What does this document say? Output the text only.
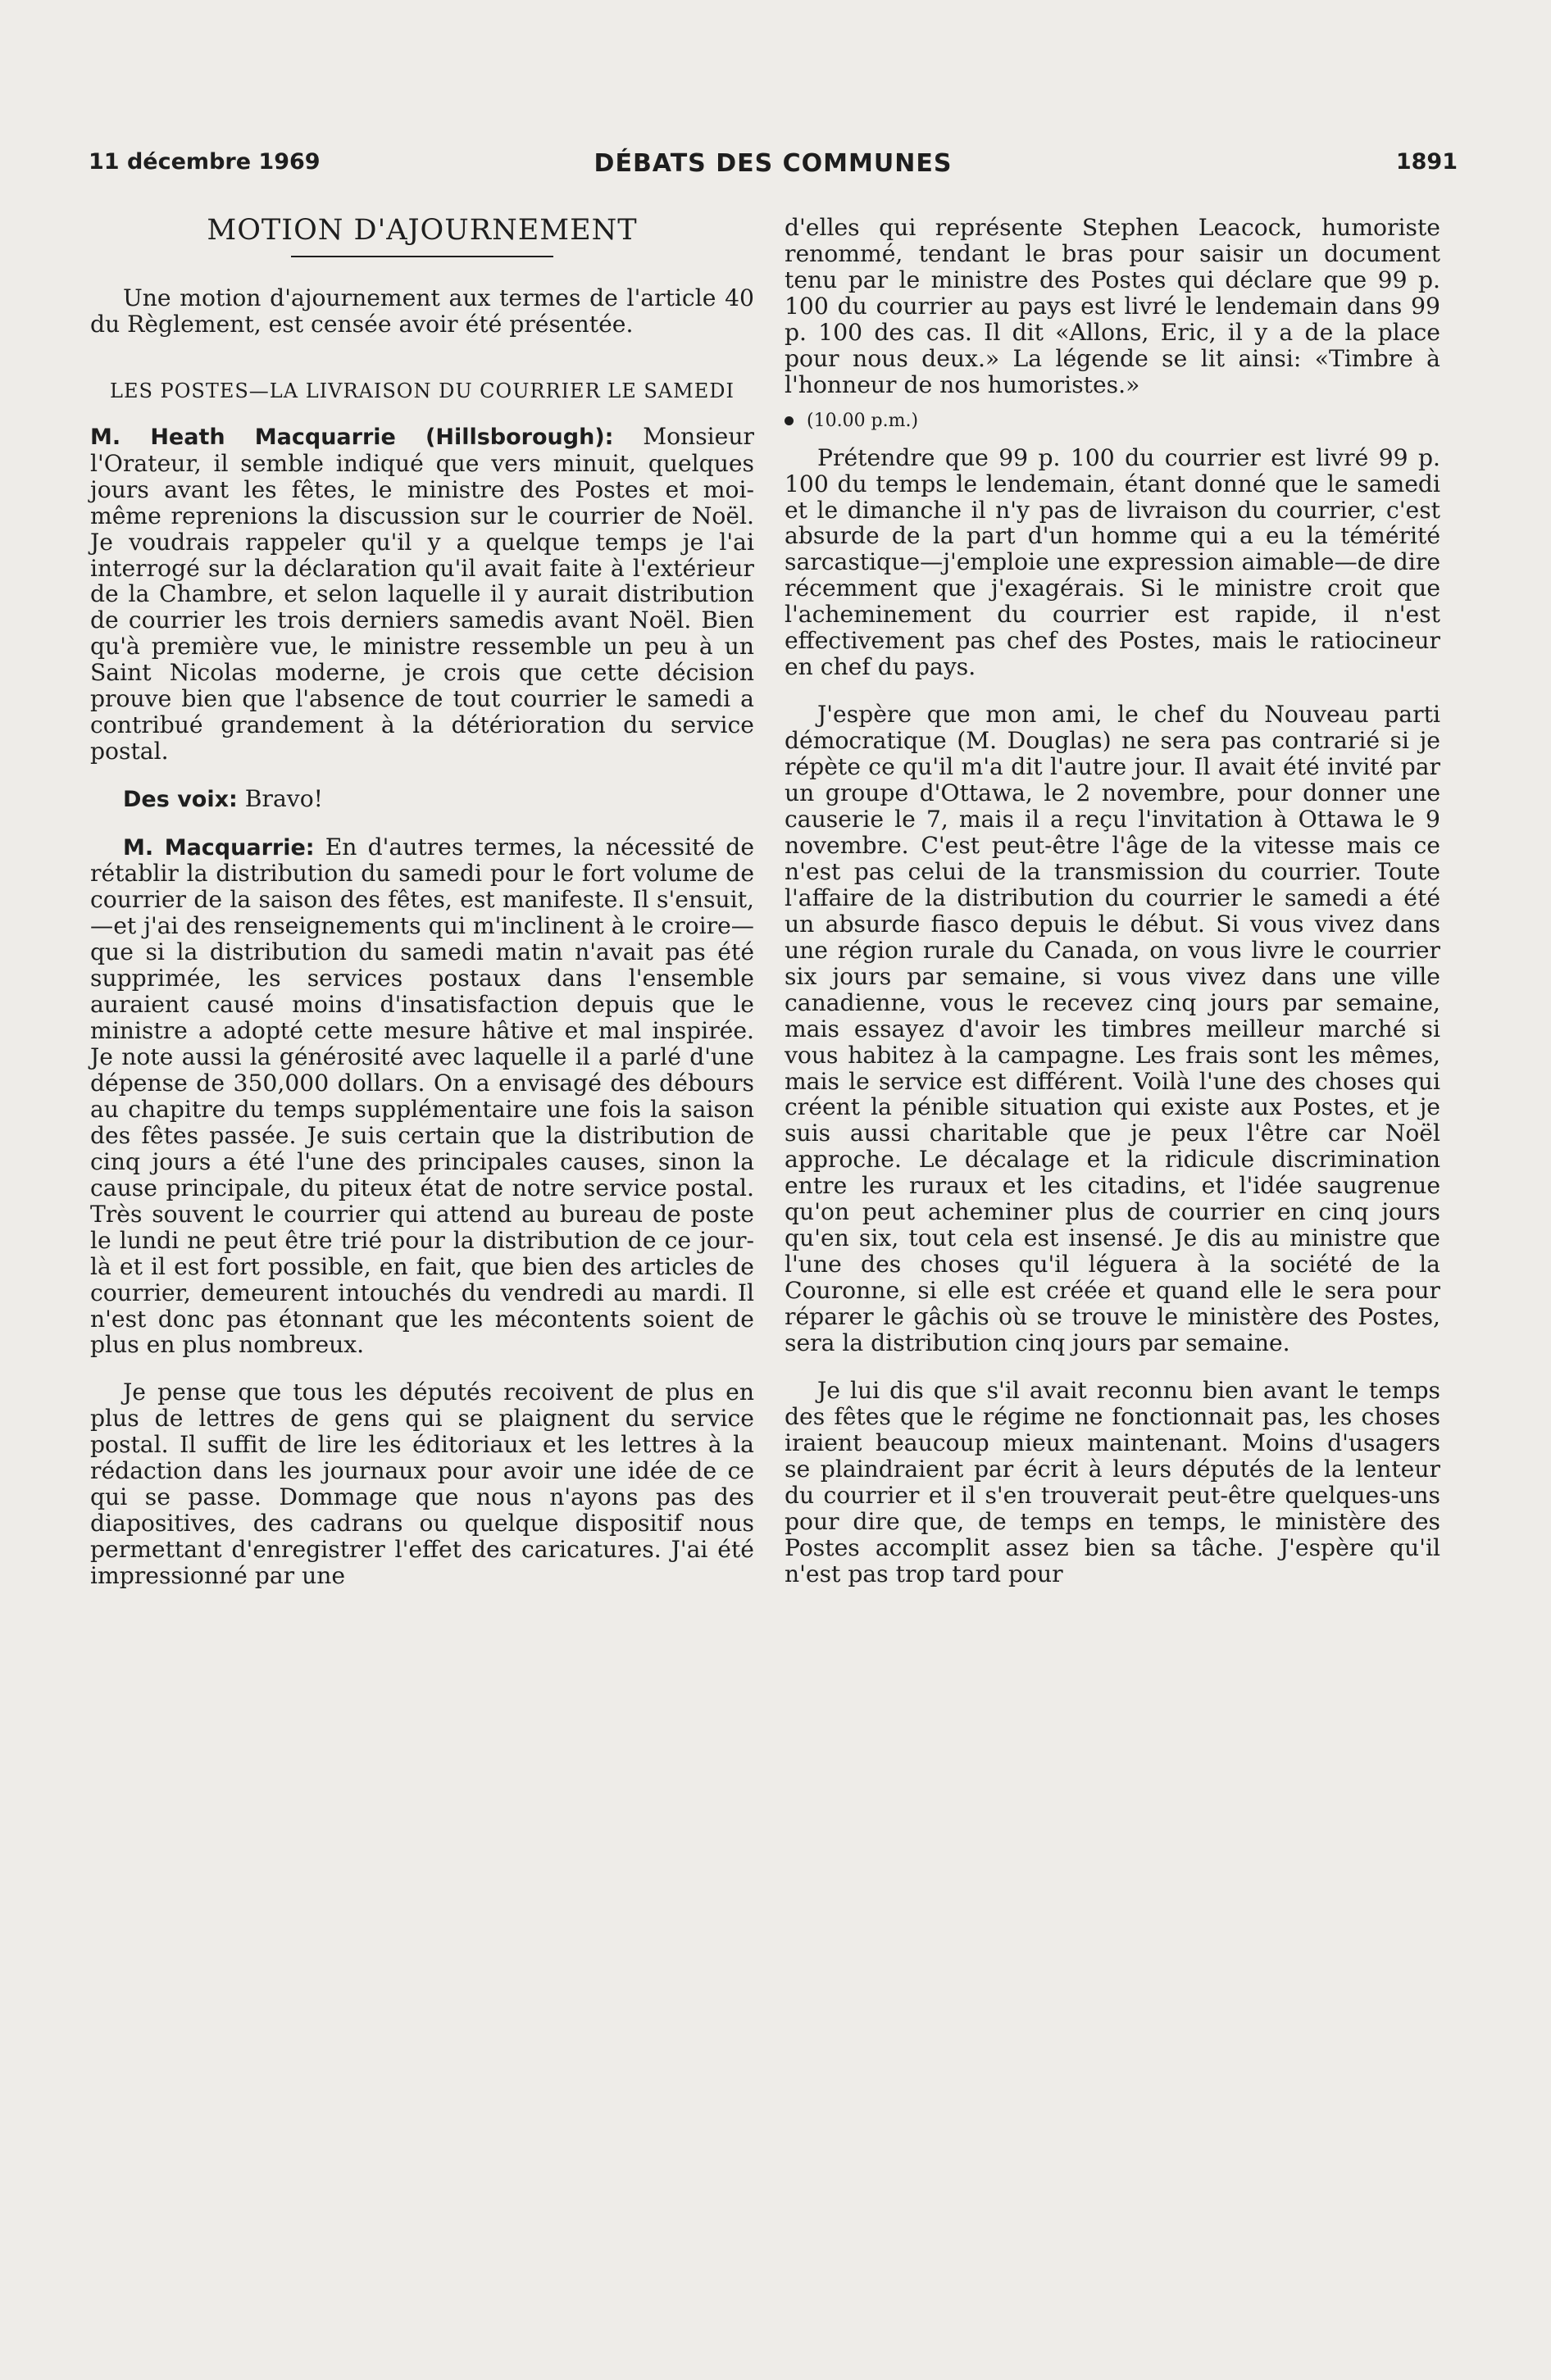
11 décembre 1969	DÉBATS DES COMMUNES	1891

MOTION D'AJOURNEMENT

Une motion d'ajournement aux termes de l'article 40 du Règlement, est censée avoir été présentée.

LES POSTES—LA LIVRAISON DU COURRIER LE SAMEDI

M. Heath Macquarrie (Hillsborough): Monsieur l'Orateur, il semble indiqué que vers minuit, quelques jours avant les fêtes, le ministre des Postes et moi-même reprenions la discussion sur le courrier de Noël. Je voudrais rappeler qu'il y a quelque temps je l'ai interrogé sur la déclaration qu'il avait faite à l'extérieur de la Chambre, et selon laquelle il y aurait distribution de courrier les trois derniers samedis avant Noël. Bien qu'à première vue, le ministre ressemble un peu à un Saint Nicolas moderne, je crois que cette décision prouve bien que l'absence de tout courrier le samedi a contribué grandement à la détérioration du service postal.

Des voix: Bravo!

M. Macquarrie: En d'autres termes, la nécessité de rétablir la distribution du samedi pour le fort volume de courrier de la saison des fêtes, est manifeste. Il s'ensuit,—et j'ai des renseignements qui m'inclinent à le croire—que si la distribution du samedi matin n'avait pas été supprimée, les services postaux dans l'ensemble auraient causé moins d'insatisfaction depuis que le ministre a adopté cette mesure hâtive et mal inspirée. Je note aussi la générosité avec laquelle il a parlé d'une dépense de 350,000 dollars. On a envisagé des débours au chapitre du temps supplémentaire une fois la saison des fêtes passée. Je suis certain que la distribution de cinq jours a été l'une des principales causes, sinon la cause principale, du piteux état de notre service postal. Très souvent le courrier qui attend au bureau de poste le lundi ne peut être trié pour la distribution de ce jour-là et il est fort possible, en fait, que bien des articles de courrier, demeurent intouchés du vendredi au mardi. Il n'est donc pas étonnant que les mécontents soient de plus en plus nombreux.

Je pense que tous les députés recoivent de plus en plus de lettres de gens qui se plaignent du service postal. Il suffit de lire les éditoriaux et les lettres à la rédaction dans les journaux pour avoir une idée de ce qui se passe. Dommage que nous n'ayons pas des diapositives, des cadrans ou quelque dispositif nous permettant d'enregistrer l'effet des caricatures. J'ai été impressionné par une

d'elles qui représente Stephen Leacock, humoriste renommé, tendant le bras pour saisir un document tenu par le ministre des Postes qui déclare que 99 p. 100 du courrier au pays est livré le lendemain dans 99 p. 100 des cas. Il dit «Allons, Eric, il y a de la place pour nous deux.» La légende se lit ainsi: «Timbre à l'honneur de nos humoristes.»

(10.00 p.m.)

Prétendre que 99 p. 100 du courrier est livré 99 p. 100 du temps le lendemain, étant donné que le samedi et le dimanche il n'y pas de livraison du courrier, c'est absurde de la part d'un homme qui a eu la témérité sarcastique—j'emploie une expression aimable—de dire récemment que j'exagérais. Si le ministre croit que l'acheminement du courrier est rapide, il n'est effectivement pas chef des Postes, mais le ratiocineur en chef du pays.

J'espère que mon ami, le chef du Nouveau parti démocratique (M. Douglas) ne sera pas contrarié si je répète ce qu'il m'a dit l'autre jour. Il avait été invité par un groupe d'Ottawa, le 2 novembre, pour donner une causerie le 7, mais il a reçu l'invitation à Ottawa le 9 novembre. C'est peut-être l'âge de la vitesse mais ce n'est pas celui de la transmission du courrier. Toute l'affaire de la distribution du courrier le samedi a été un absurde fiasco depuis le début. Si vous vivez dans une région rurale du Canada, on vous livre le courrier six jours par semaine, si vous vivez dans une ville canadienne, vous le recevez cinq jours par semaine, mais essayez d'avoir les timbres meilleur marché si vous habitez à la campagne. Les frais sont les mêmes, mais le service est différent. Voilà l'une des choses qui créent la pénible situation qui existe aux Postes, et je suis aussi charitable que je peux l'être car Noël approche. Le décalage et la ridicule discrimination entre les ruraux et les citadins, et l'idée saugrenue qu'on peut acheminer plus de courrier en cinq jours qu'en six, tout cela est insensé. Je dis au ministre que l'une des choses qu'il léguera à la société de la Couronne, si elle est créée et quand elle le sera pour réparer le gâchis où se trouve le ministère des Postes, sera la distribution cinq jours par semaine.

Je lui dis que s'il avait reconnu bien avant le temps des fêtes que le régime ne fonctionnait pas, les choses iraient beaucoup mieux maintenant. Moins d'usagers se plaindraient par écrit à leurs députés de la lenteur du courrier et il s'en trouverait peut-être quelques-uns pour dire que, de temps en temps, le ministère des Postes accomplit assez bien sa tâche. J'espère qu'il n'est pas trop tard pour
